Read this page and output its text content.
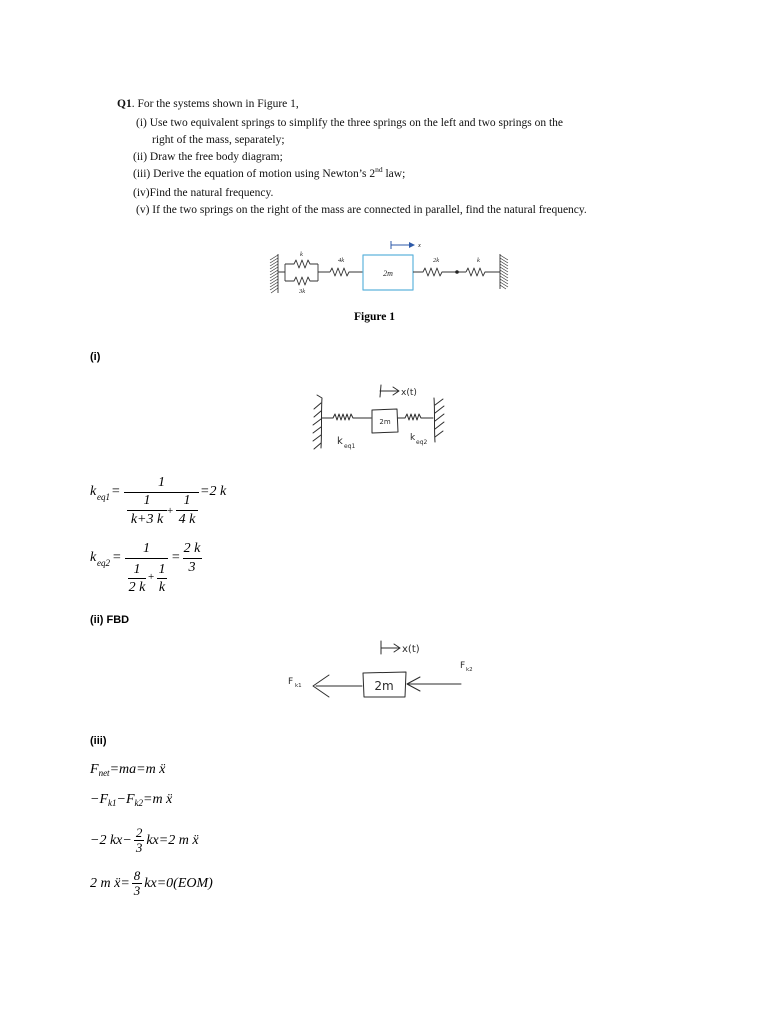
Q1. For the systems shown in Figure 1,
(i) Use two equivalent springs to simplify the three springs on the left and two springs on the
right of the mass, separately;
(ii) Draw the free body diagram;
(iii) Derive the equation of motion using Newton’s 2nd law;
(iv)Find the natural frequency.
(v) If the two springs on the right of the mass are connected in parallel, find the natural frequency.
x
k
3k
4k
2m
2k	k
Figure 1
(i)
x(t)
2m
k eq1
k eq2
k eq1 =
1
1
k+3 k
+
1
4 k
=2 k
k eq2 =
1
1
2 k
+ 1
k
=
2 k
3
(ii) FBD
x(t)
2m
F k1
F k2
(iii)
$F_{net}=ma=m$ ẍ
$-F_{k1}-F_{k2}=m$ ẍ
−2 $kx- \frac{2}{3} kx=2$ m ẍ
2 m ẍ= $\frac{8}{3} kx=0(EOM)$
